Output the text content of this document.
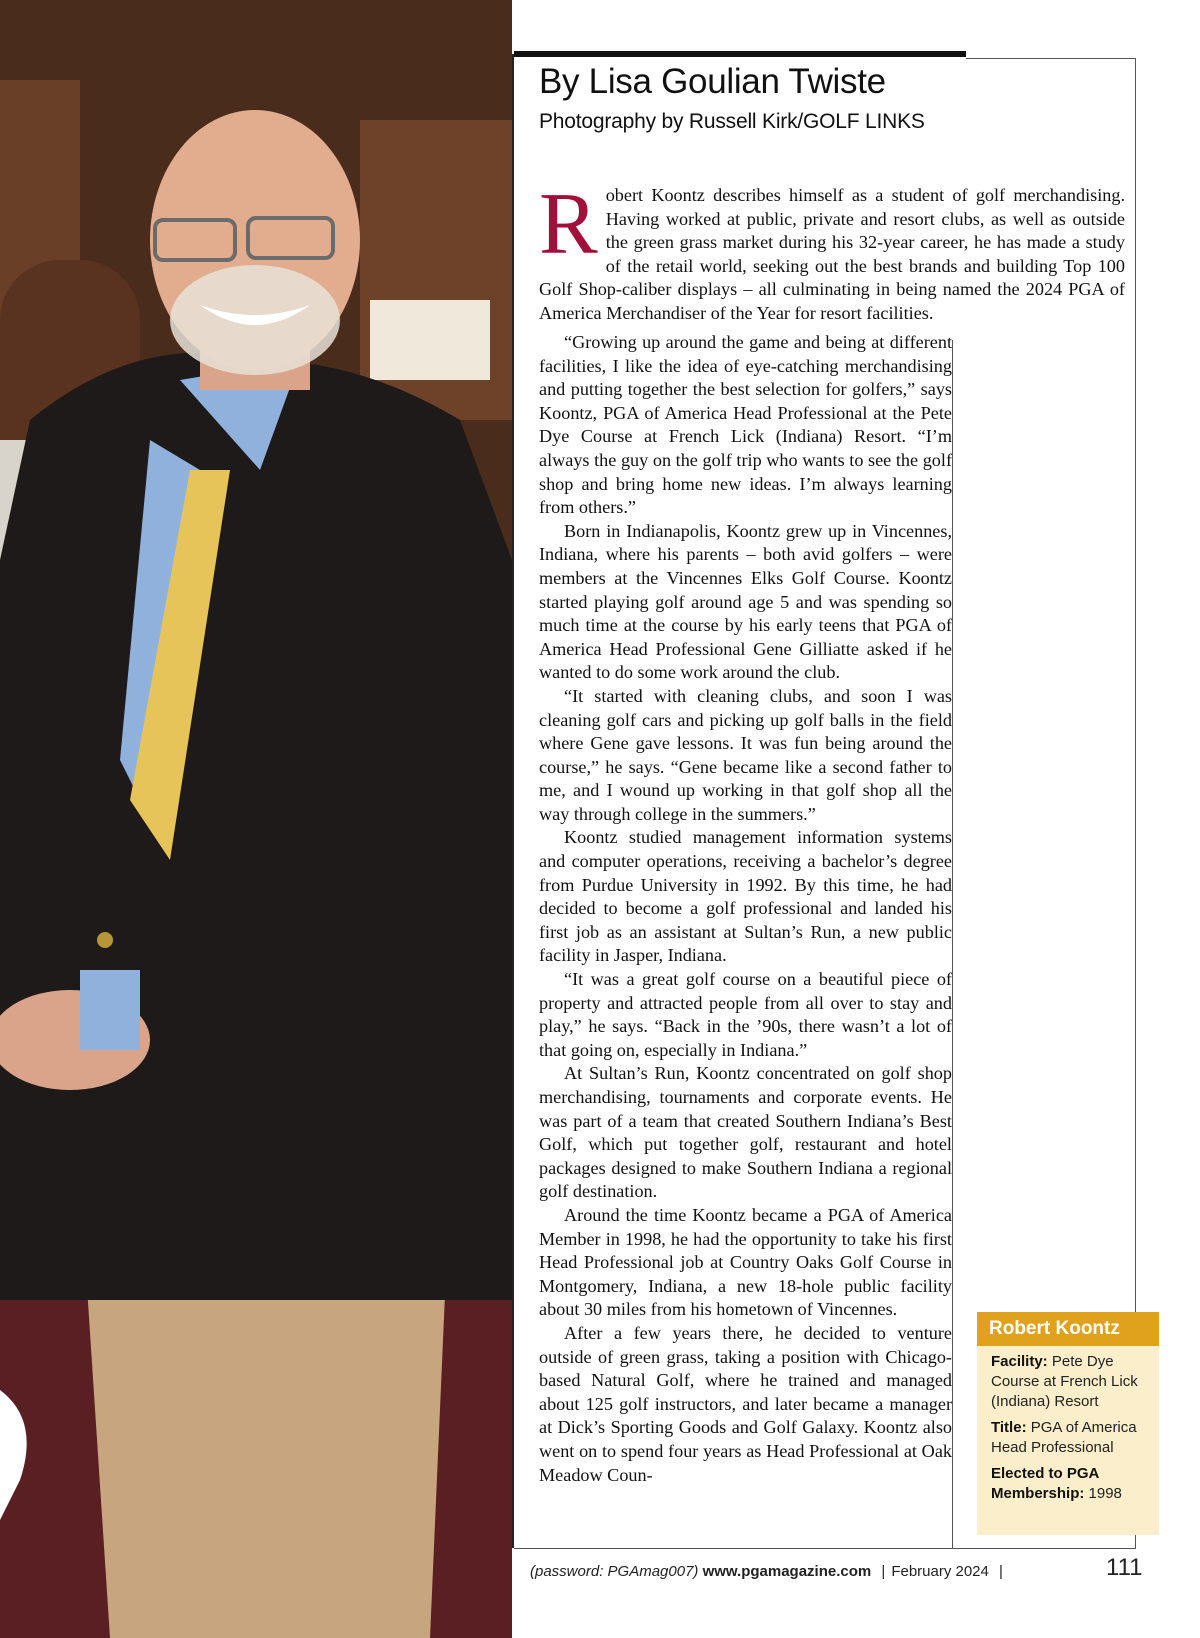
By Lisa Goulian Twiste
Photography by Russell Kirk/GOLF LINKS
Robert Koontz describes himself as a student of golf merchandising. Having worked at public, private and resort clubs, as well as outside the green grass market during his 32-year career, he has made a study of the retail world, seeking out the best brands and building Top 100 Golf Shop-caliber displays – all culminating in being named the 2024 PGA of America Merchandiser of the Year for resort facilities.

“Growing up around the game and being at different facilities, I like the idea of eye-catching merchandising and putting together the best selection for golfers,” says Koontz, PGA of America Head Professional at the Pete Dye Course at French Lick (Indiana) Resort. “I’m always the guy on the golf trip who wants to see the golf shop and bring home new ideas. I’m always learning from others.”

Born in Indianapolis, Koontz grew up in Vincennes, Indiana, where his parents – both avid golfers – were members at the Vincennes Elks Golf Course. Koontz started playing golf around age 5 and was spending so much time at the course by his early teens that PGA of America Head Professional Gene Gilliatte asked if he wanted to do some work around the club.

“It started with cleaning clubs, and soon I was cleaning golf cars and picking up golf balls in the field where Gene gave lessons. It was fun being around the course,” he says. “Gene became like a second father to me, and I wound up working in that golf shop all the way through college in the summers.”

Koontz studied management information systems and computer operations, receiving a bachelor’s degree from Purdue University in 1992. By this time, he had decided to become a golf professional and landed his first job as an assistant at Sultan’s Run, a new public facility in Jasper, Indiana.

“It was a great golf course on a beautiful piece of property and attracted people from all over to stay and play,” he says. “Back in the ’90s, there wasn’t a lot of that going on, especially in Indiana.”

At Sultan’s Run, Koontz concentrated on golf shop merchandising, tournaments and corporate events. He was part of a team that created Southern Indiana’s Best Golf, which put together golf, restaurant and hotel packages designed to make Southern Indiana a regional golf destination.

Around the time Koontz became a PGA of America Member in 1998, he had the opportunity to take his first Head Professional job at Country Oaks Golf Course in Montgomery, Indiana, a new 18-hole public facility about 30 miles from his hometown of Vincennes.

After a few years there, he decided to venture outside of green grass, taking a position with Chicago-based Natural Golf, where he trained and managed about 125 golf instructors, and later became a manager at Dick’s Sporting Goods and Golf Galaxy. Koontz also went on to spend four years as Head Professional at Oak Meadow Coun-

Robert Koontz
Facility: Pete Dye Course at French Lick (Indiana) Resort
Title: PGA of America Head Professional
Elected to PGA Membership: 1998
(password: PGAmag007) www.pgamagazine.com | February 2024 |	111
